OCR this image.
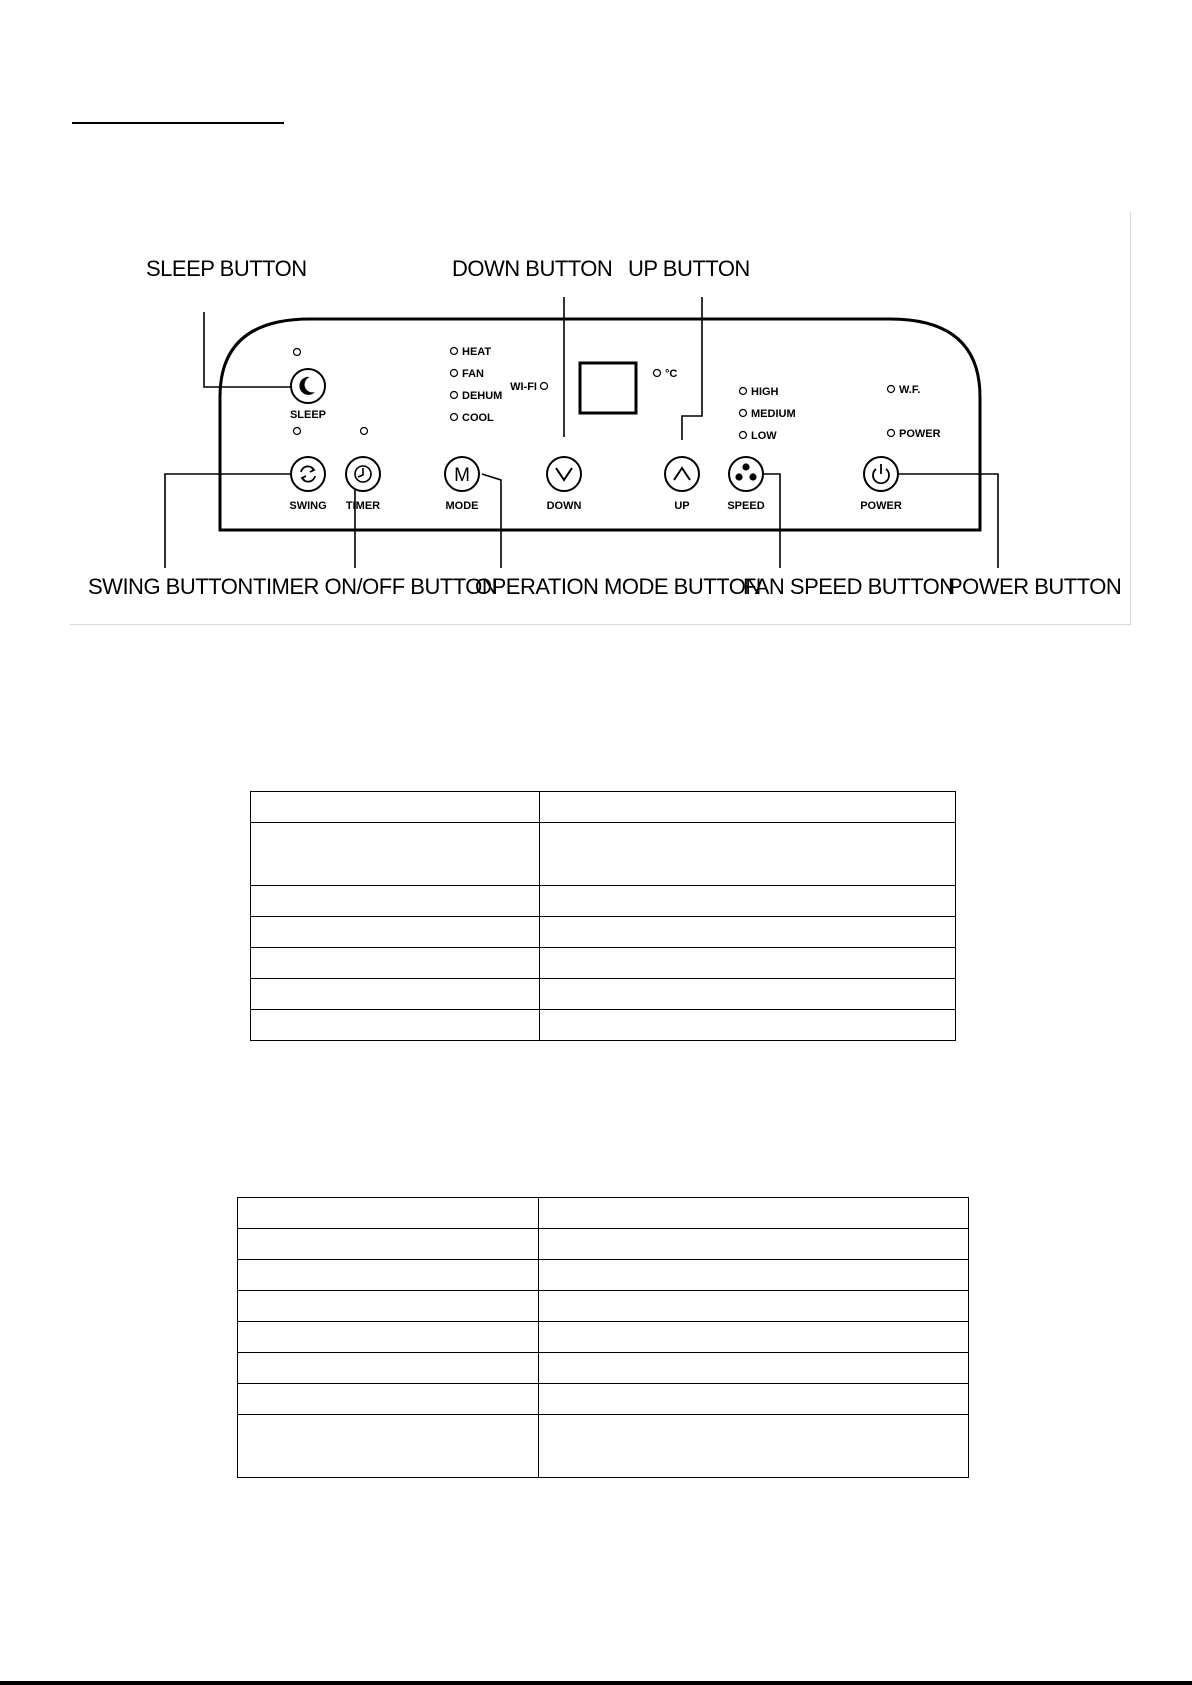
SLEEP BUTTON	DOWN BUTTON UP BUTTON
SWING BUTTON TIMER ON/OFF BUTTON
OPERATION MODE BUTTON
FAN SPEED BUTTON
POWER BUTTON
SLEEP
SWING TIMER
M
MODE
HEAT
FAN
DEHUM
COOL
WI-FI
°C
DOWN	UP
HIGH
MEDIUM
LOW
SPEED
W.F.
POWER
POWER
